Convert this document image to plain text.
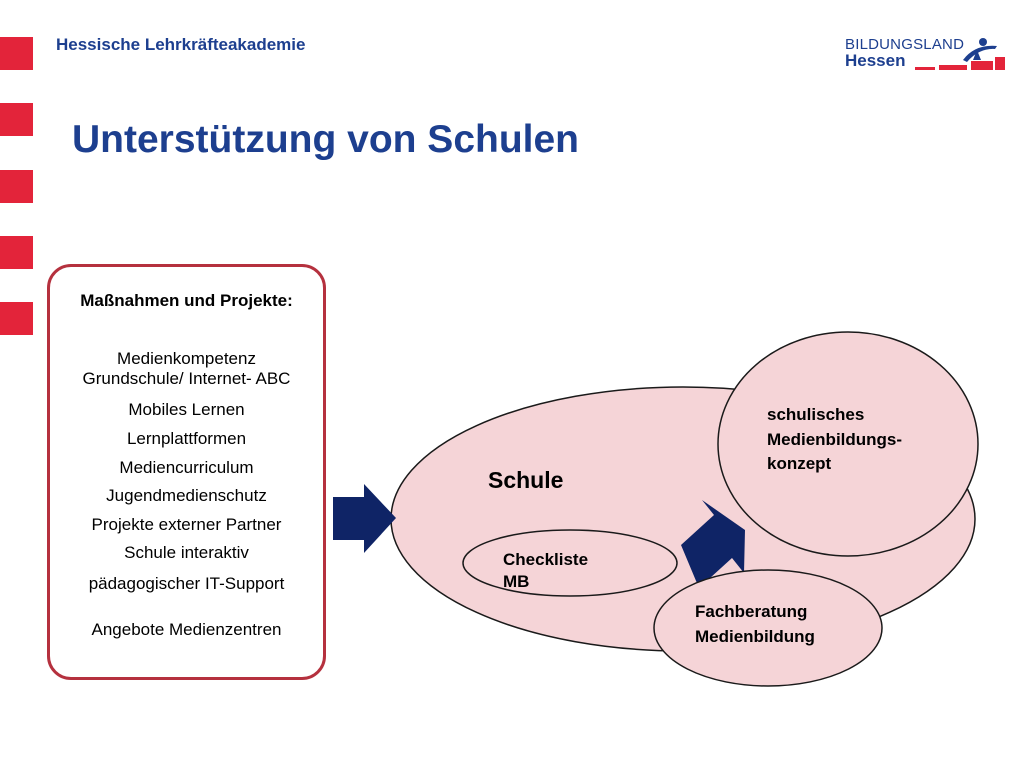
Hessische Lehrkräfteakademie	BILDUNGSLAND
Hessen
Unterstützung von Schulen
Maßnahmen und Projekte:
Medienkompetenz
Grundschule/ Internet- ABC
Mobiles Lernen
Lernplattformen
Mediencurriculum
Jugendmedienschutz
Projekte externer Partner
Schule interaktiv
pädagogischer IT-Support
Angebote Medienzentren
Schule
Checkliste
MB
schulisches
Medienbildungs-
konzept
Fachberatung
Medienbildung
